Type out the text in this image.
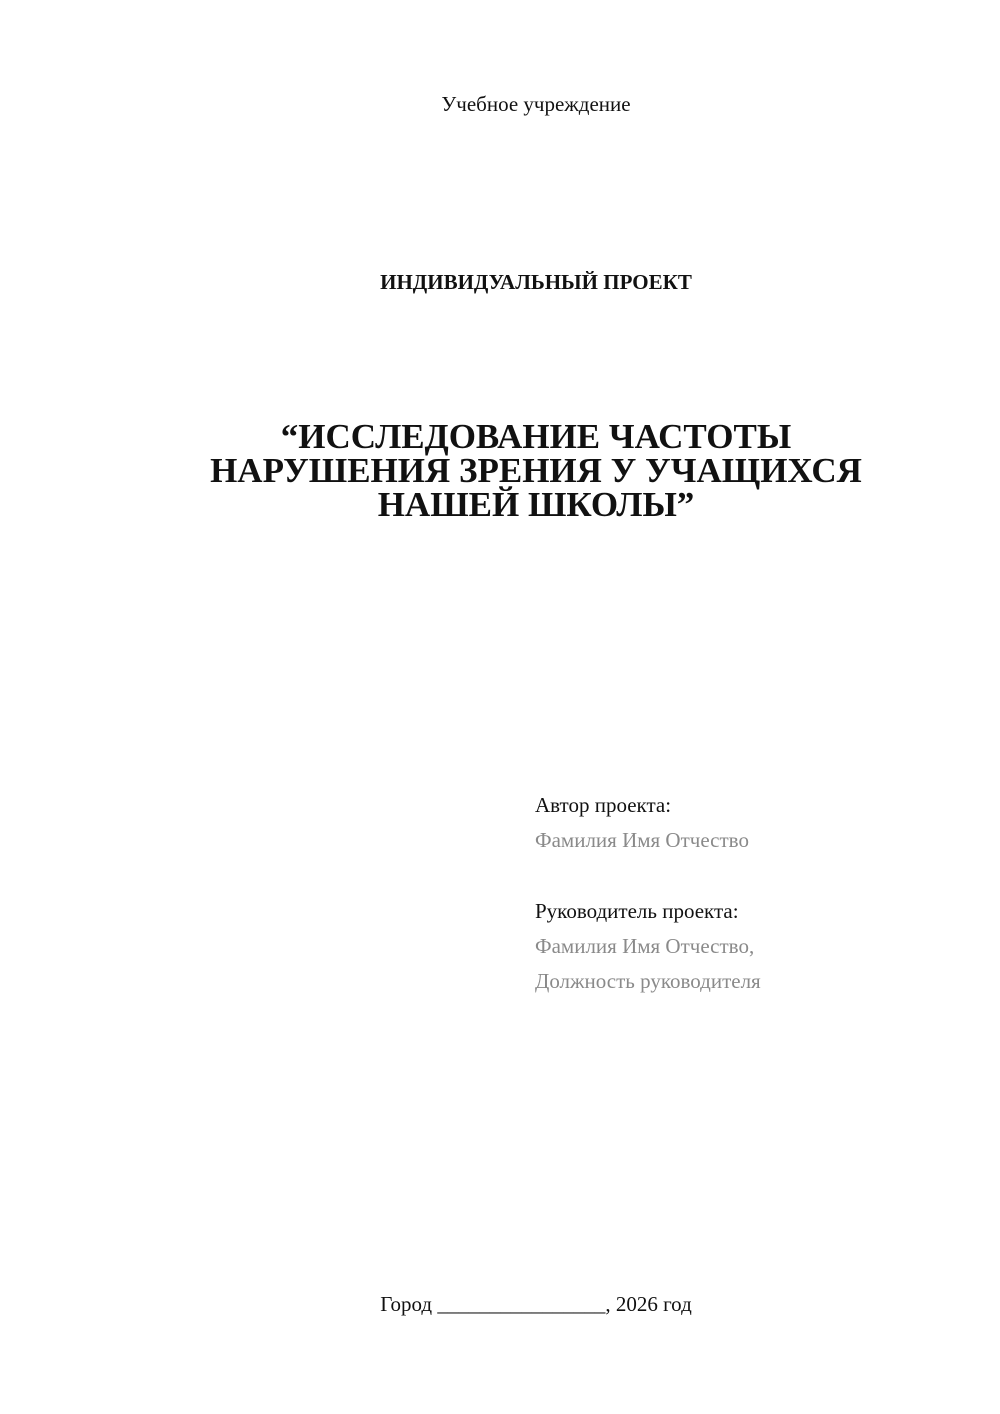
Учебное учреждение
ИНДИВИДУАЛЬНЫЙ ПРОЕКТ
“ИССЛЕДОВАНИЕ ЧАСТОТЫ
НАРУШЕНИЯ ЗРЕНИЯ У УЧАЩИХСЯ
НАШЕЙ ШКОЛЫ”
Автор проекта:
Фамилия Имя Отчество
Руководитель проекта:
Фамилия Имя Отчество,
Должность руководителя
Город ________________, 2026 год
